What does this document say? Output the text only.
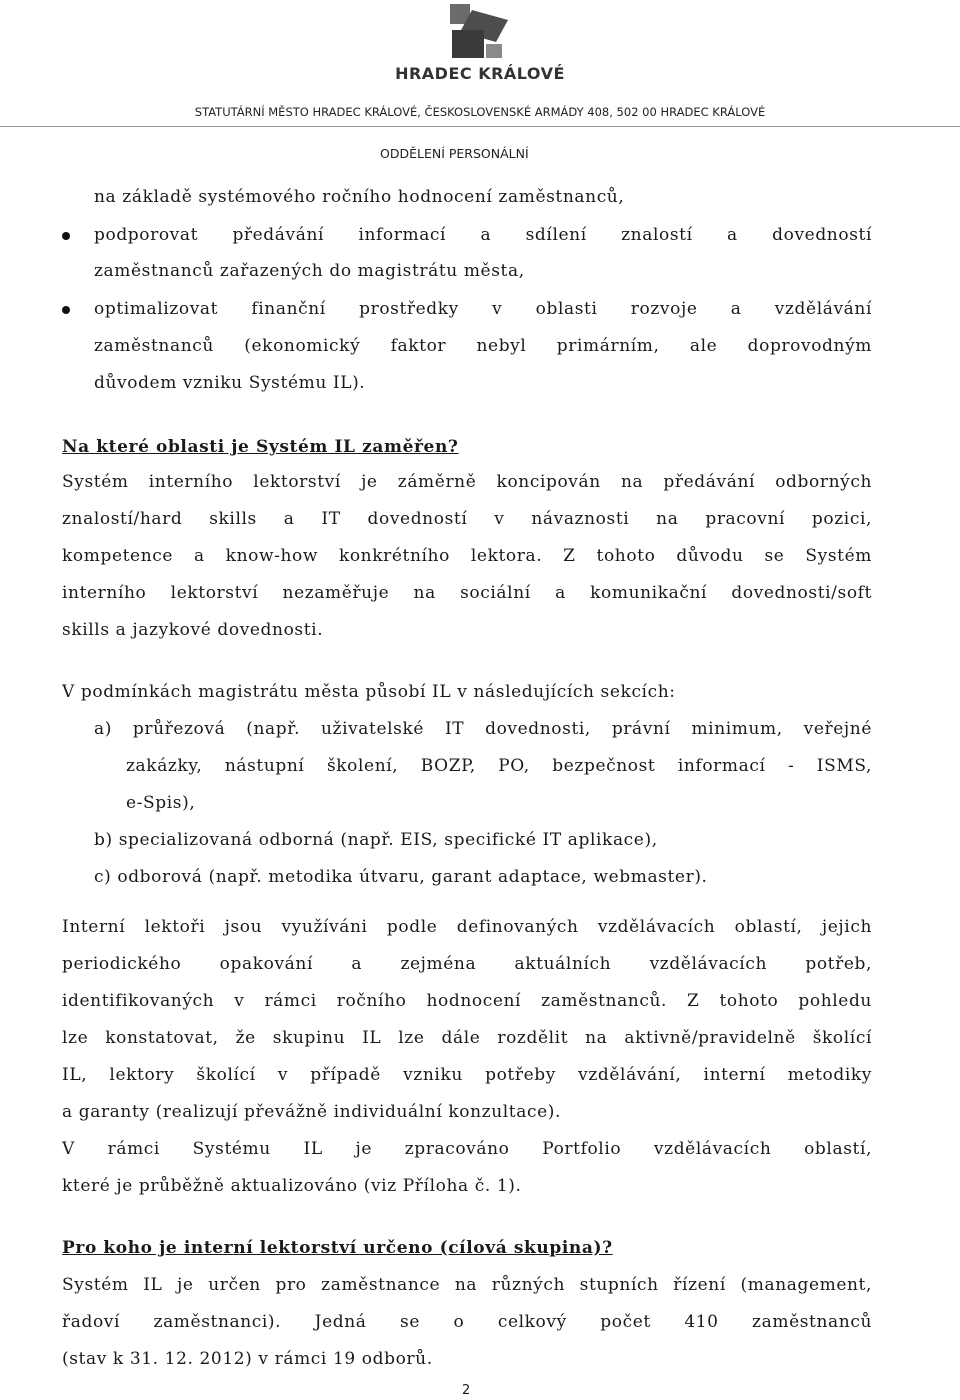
HRADEC KRÁLOVÉ
STATUTÁRNÍ MĚSTO HRADEC KRÁLOVÉ, ČESKOSLOVENSKÉ ARMÁDY 408, 502 00 HRADEC KRÁLOVÉ
ODDĚLENÍ PERSONÁLNÍ
na základě systémového ročního hodnocení zaměstnanců,
podporovat předávání informací a sdílení znalostí a dovedností
zaměstnanců zařazených do magistrátu města,
optimalizovat finanční prostředky v oblasti rozvoje a vzdělávání
zaměstnanců (ekonomický faktor nebyl primárním, ale doprovodným
důvodem vzniku Systému IL).
Na které oblasti je Systém IL zaměřen?
Systém interního lektorství je záměrně koncipován na předávání odborných
znalostí/hard skills a IT dovedností v návaznosti na pracovní pozici,
kompetence a know-how konkrétního lektora. Z tohoto důvodu se Systém
interního lektorství nezaměřuje na sociální a komunikační dovednosti/soft
skills a jazykové dovednosti.
V podmínkách magistrátu města působí IL v následujících sekcích:
a) průřezová (např. uživatelské IT dovednosti, právní minimum, veřejné
zakázky, nástupní školení, BOZP, PO, bezpečnost informací - ISMS,
e-Spis),
b) specializovaná odborná (např. EIS, specifické IT aplikace),
c) odborová (např. metodika útvaru, garant adaptace, webmaster).
Interní lektoři jsou využíváni podle definovaných vzdělávacích oblastí, jejich
periodického opakování a zejména aktuálních vzdělávacích potřeb,
identifikovaných v rámci ročního hodnocení zaměstnanců. Z tohoto pohledu
lze konstatovat, že skupinu IL lze dále rozdělit na aktivně/pravidelně školící
IL, lektory školící v případě vzniku potřeby vzdělávání, interní metodiky
a garanty (realizují převážně individuální konzultace).
V rámci Systému IL je zpracováno Portfolio vzdělávacích oblastí,
které je průběžně aktualizováno (viz Příloha č. 1).
Pro koho je interní lektorství určeno (cílová skupina)?
Systém IL je určen pro zaměstnance na různých stupních řízení (management,
řadoví zaměstnanci). Jedná se o celkový počet 410 zaměstnanců
(stav k 31. 12. 2012) v rámci 19 odborů.
2
